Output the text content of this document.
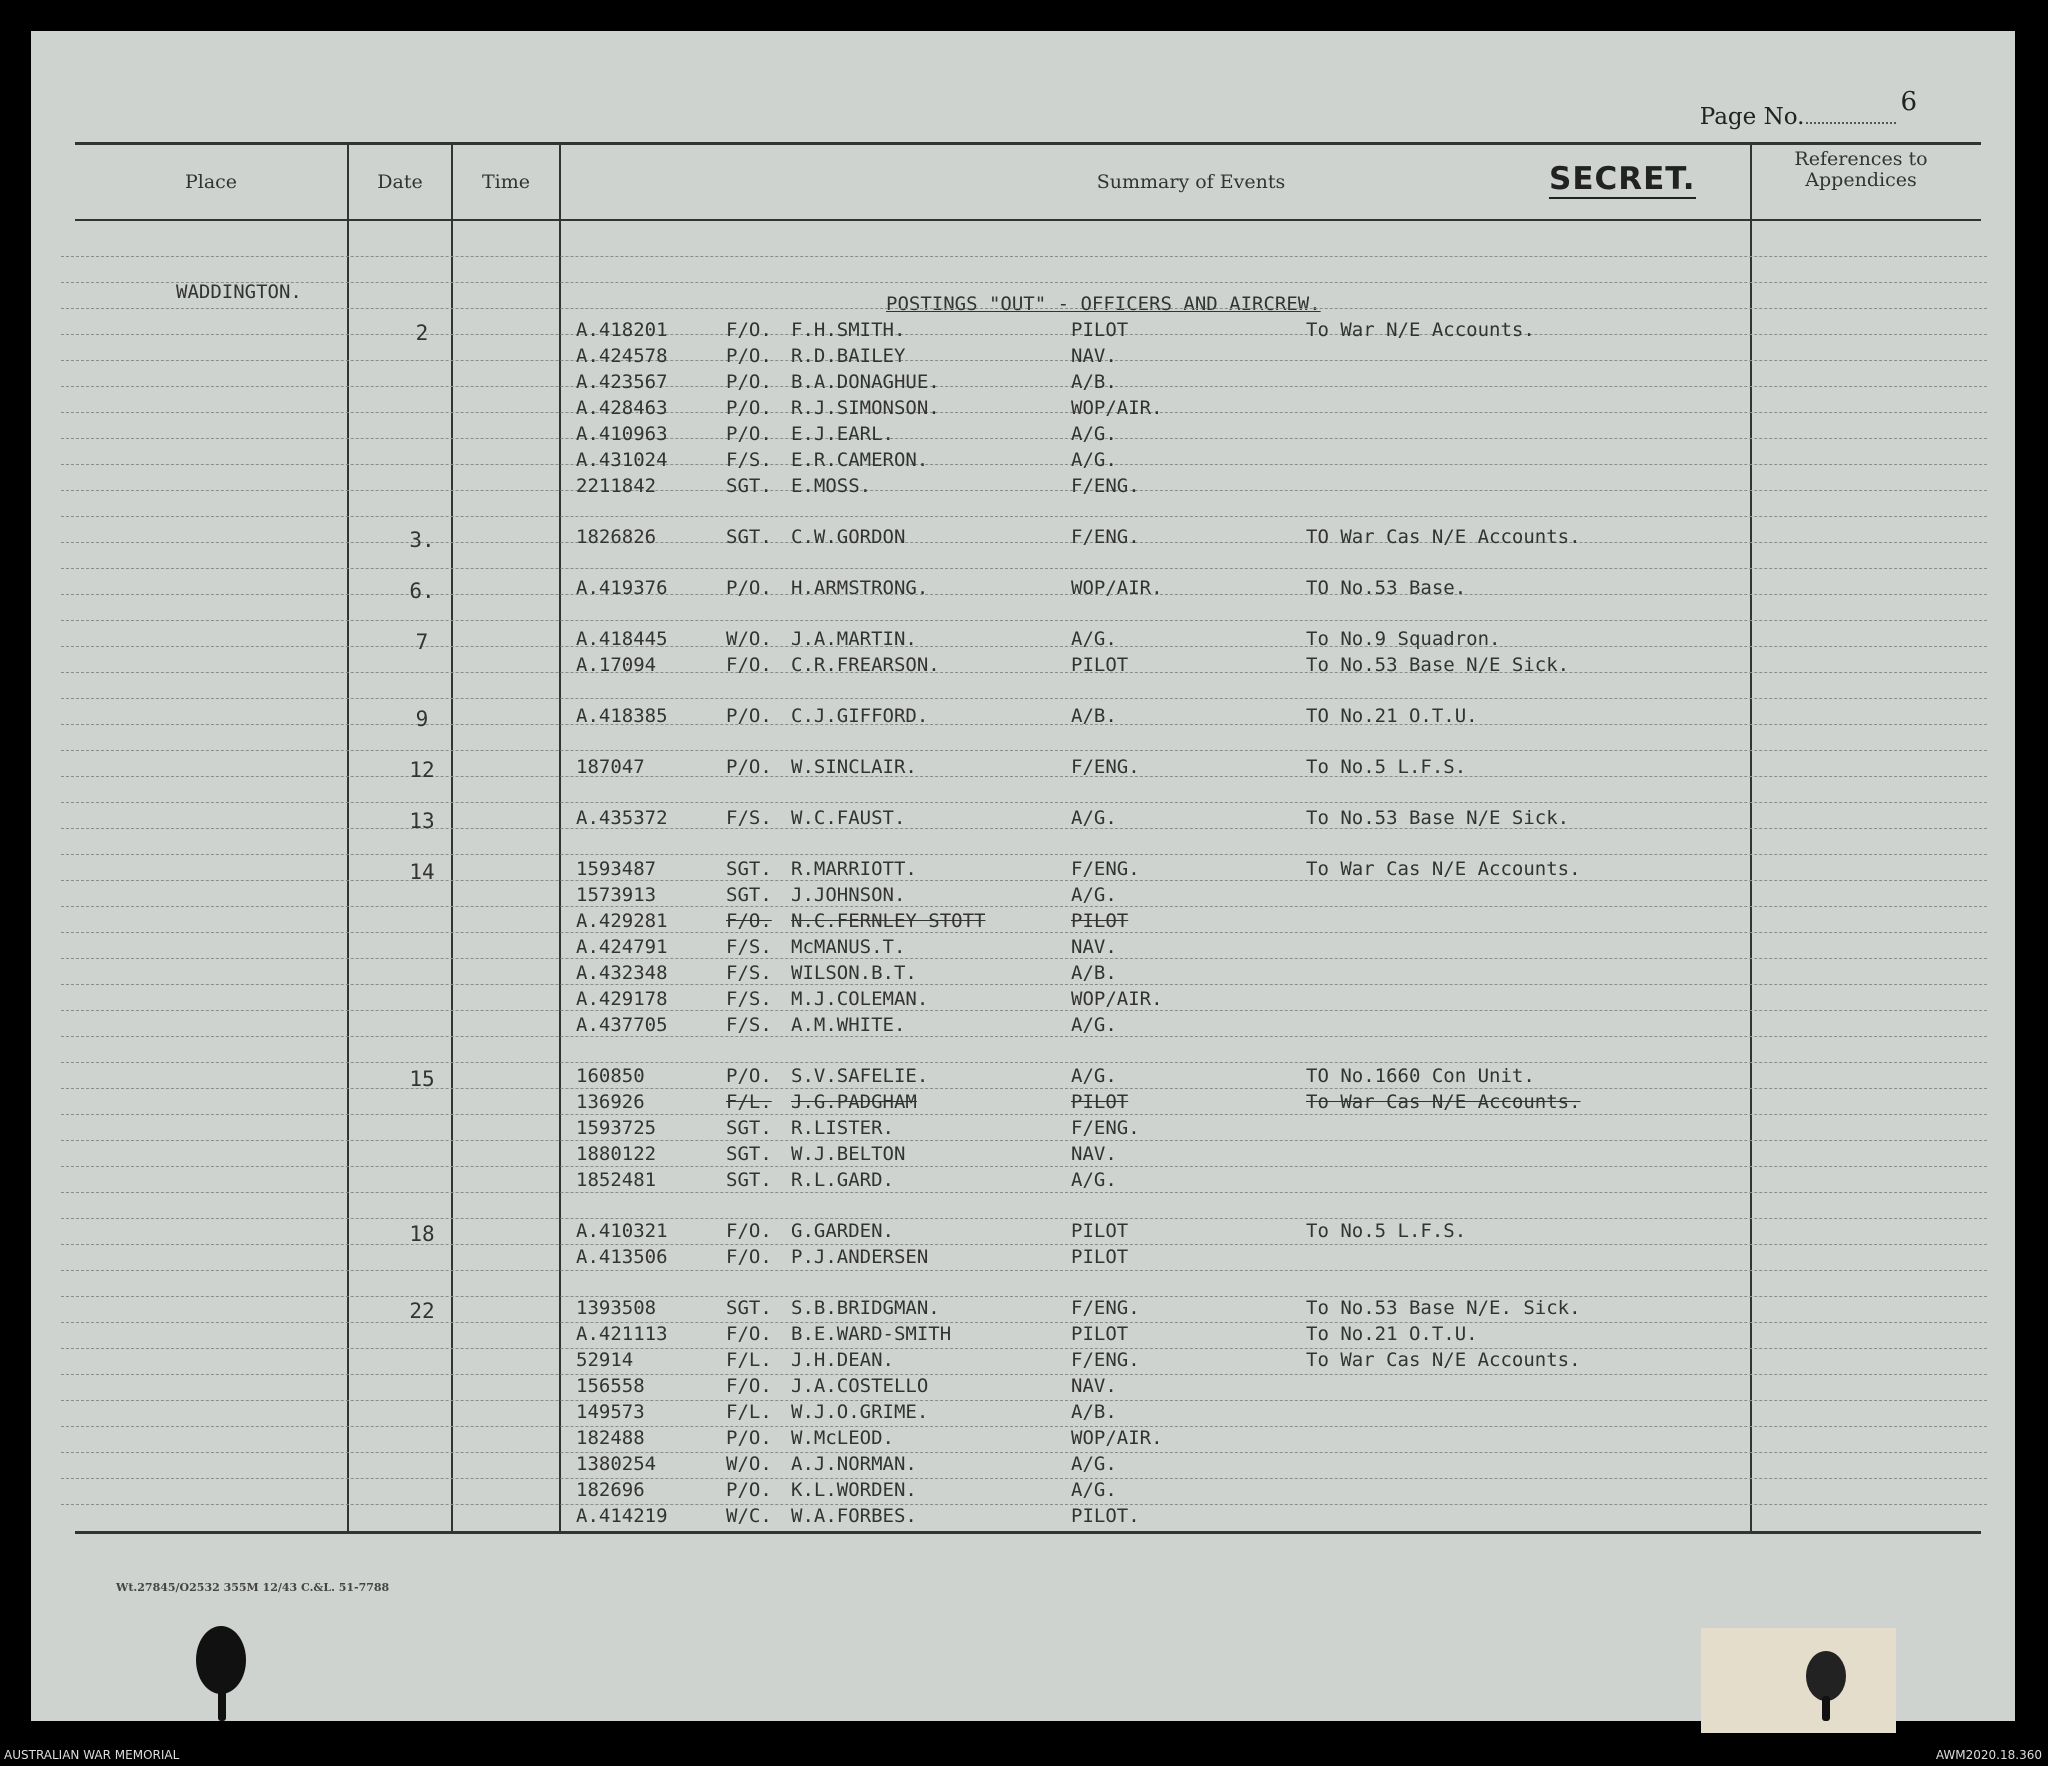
Page No.	6
Place	Date	Time	Summary of Events	SECRET.
References to Appendices
WADDINGTON.
POSTINGS "OUT" - OFFICERS AND AIRCREW.
2	A.418201	F/O. F.H.SMITH.	PILOT	To War N/E Accounts.
A.424578	P/O. R.D.BAILEY	NAV.
A.423567	P/O. B.A.DONAGHUE.	A/B.
A.428463	P/O. R.J.SIMONSON.	WOP/AIR.
A.410963	P/O. E.J.EARL.	A/G.
A.431024	F/S. E.R.CAMERON.	A/G.
2211842	SGT. E.MOSS.	F/ENG.
3.	1826826	SGT. C.W.GORDON	F/ENG.	TO War Cas N/E Accounts.
6.	A.419376	P/O. H.ARMSTRONG.	WOP/AIR.	TO No.53 Base.
7	A.418445	W/O. J.A.MARTIN.	A/G.	To No.9 Squadron.
A.17094	F/O. C.R.FREARSON.	PILOT	To No.53 Base N/E Sick.
9	A.418385	P/O. C.J.GIFFORD.	A/B.	TO No.21 O.T.U.
12	187047	P/O. W.SINCLAIR.	F/ENG.	To No.5 L.F.S.
13	A.435372	F/S. W.C.FAUST.	A/G.	To No.53 Base N/E Sick.
14	1593487	SGT. R.MARRIOTT.	F/ENG.	To War Cas N/E Accounts.
1573913	SGT. J.JOHNSON.	A/G.
A.429281	F/O. N.C.FERNLEY STOTT	PILOT
A.424791	F/S. McMANUS.T.	NAV.
A.432348	F/S. WILSON.B.T.	A/B.
A.429178	F/S. M.J.COLEMAN.	WOP/AIR.
A.437705	F/S. A.M.WHITE.	A/G.
15	160850	P/O. S.V.SAFELIE.	A/G.	TO No.1660 Con Unit.
136926	F/L. J.G.PADGHAM	PILOT	To War Cas N/E Accounts.
1593725	SGT. R.LISTER.	F/ENG.
1880122	SGT. W.J.BELTON	NAV.
1852481	SGT. R.L.GARD.	A/G.
18	A.410321	F/O. G.GARDEN.	PILOT	To No.5 L.F.S.
A.413506	F/O. P.J.ANDERSEN	PILOT
22	1393508	SGT. S.B.BRIDGMAN.	F/ENG.	To No.53 Base N/E. Sick.
A.421113	F/O. B.E.WARD-SMITH	PILOT	To No.21 O.T.U.
52914	F/L. J.H.DEAN.	F/ENG.	To War Cas N/E Accounts.
156558	F/O. J.A.COSTELLO	NAV.
149573	F/L. W.J.O.GRIME.	A/B.
182488	P/O. W.McLEOD.	WOP/AIR.
1380254	W/O. A.J.NORMAN.	A/G.
182696	P/O. K.L.WORDEN.	A/G.
A.414219	W/C. W.A.FORBES.	PILOT.
Wt.27845/O2532 355M 12/43 C.&L. 51-7788
AUSTRALIAN WAR MEMORIAL	AWM2020.18.360
